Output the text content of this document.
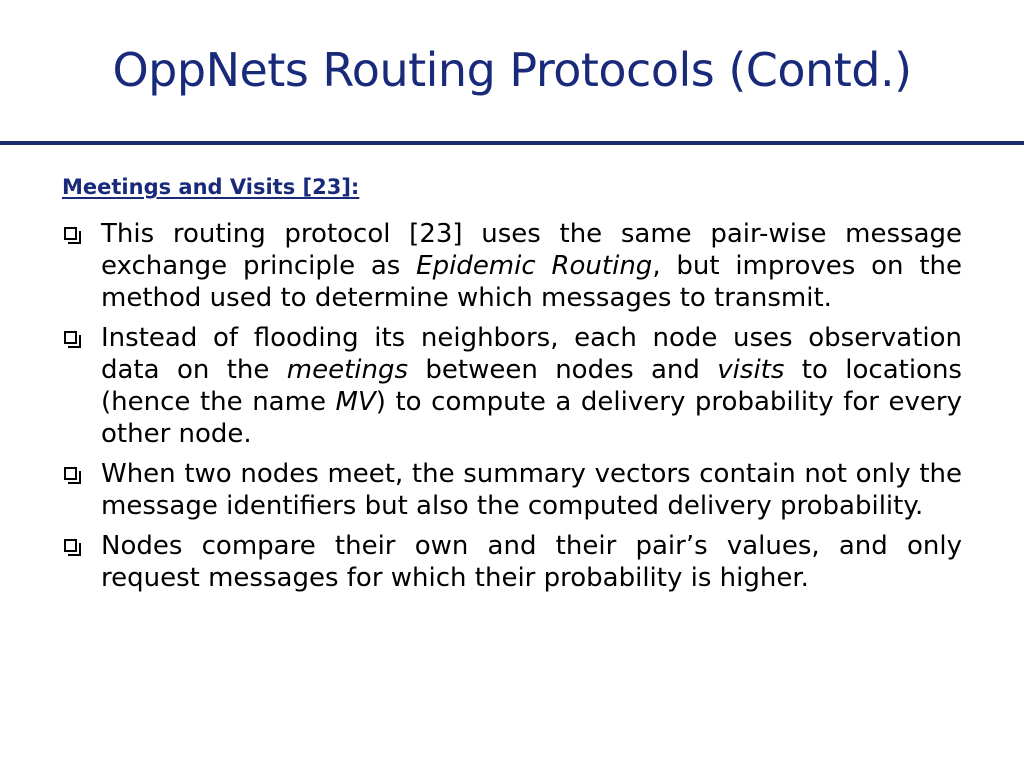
OppNets Routing Protocols (Contd.)
Meetings and Visits [23]:
This routing protocol [23] uses the same pair-wise message exchange principle as Epidemic Routing, but improves on the method used to determine which messages to transmit.
Instead of flooding its neighbors, each node uses observation data on the meetings between nodes and visits to locations (hence the name MV) to compute a delivery probability for every other node.
When two nodes meet, the summary vectors contain not only the message identifiers but also the computed delivery probability.
Nodes compare their own and their pair’s values, and only request messages for which their probability is higher.
